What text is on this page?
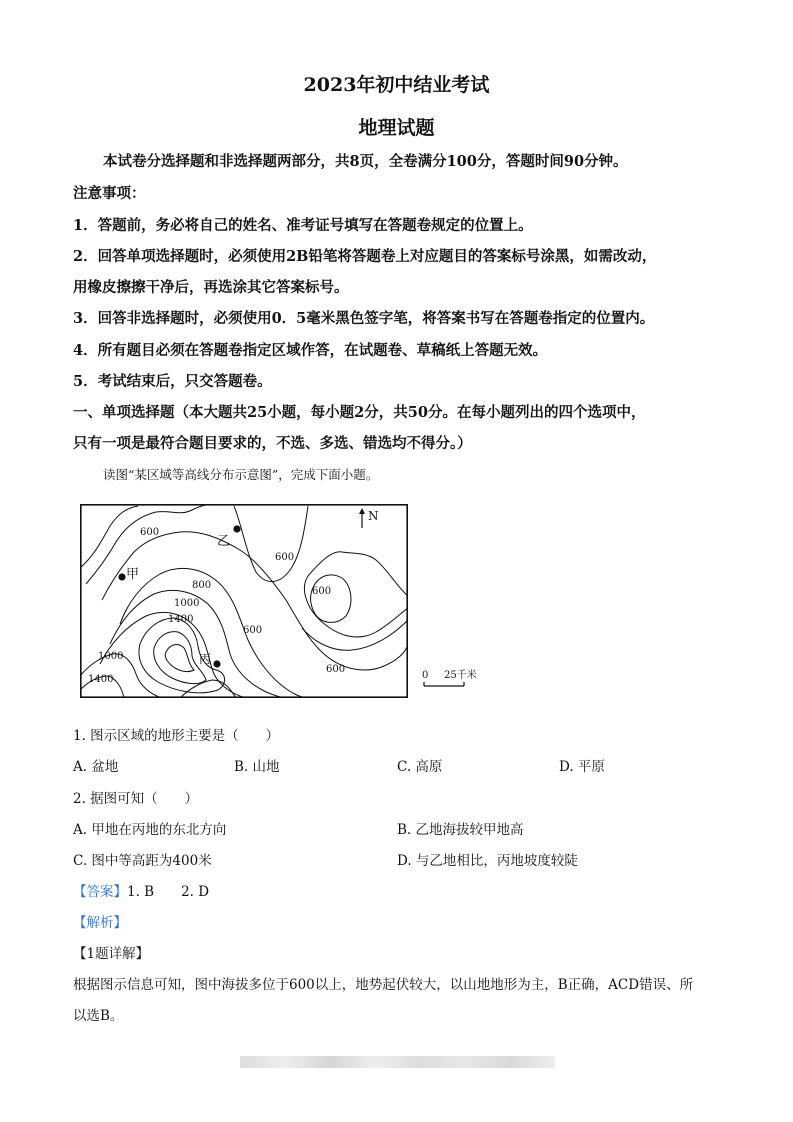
2023年初中结业考试
地理试题
本试卷分选择题和非选择题两部分，共8页，全卷满分100分，答题时间90分钟。
注意事项：
1．答题前，务必将自己的姓名、准考证号填写在答题卷规定的位置上。
2．回答单项选择题时，必须使用2B铅笔将答题卷上对应题目的答案标号涂黑，如需改动，
用橡皮擦擦干净后，再选涂其它答案标号。
3．回答非选择题时，必须使用0．5毫米黑色签字笔，将答案书写在答题卷指定的位置内。
4．所有题目必须在答题卷指定区域作答，在试题卷、草稿纸上答题无效。
5．考试结束后，只交答题卷。
一、单项选择题（本大题共25小题，每小题2分，共50分。在每小题列出的四个选项中，
只有一项是最符合题目要求的，不选、多选、错选均不得分。）
读图“某区域等高线分布示意图”，完成下面小题。
600
600
600
600
600
800
1000
1000
1400
1400
N
甲
乙
丙
0 25千米
1. 图示区域的地形主要是（　　）
A. 盆地	B. 山地	C. 高原	D. 平原
2. 据图可知（　　）
A. 甲地在丙地的东北方向	B. 乙地海拔较甲地高
C. 图中等高距为400米	D. 与乙地相比，丙地坡度较陡
【答案】1. B　　2. D
【解析】
【1题详解】
根据图示信息可知，图中海拔多位于600以上，地势起伏较大，以山地地形为主，B正确，ACD错误、所
以选B。
